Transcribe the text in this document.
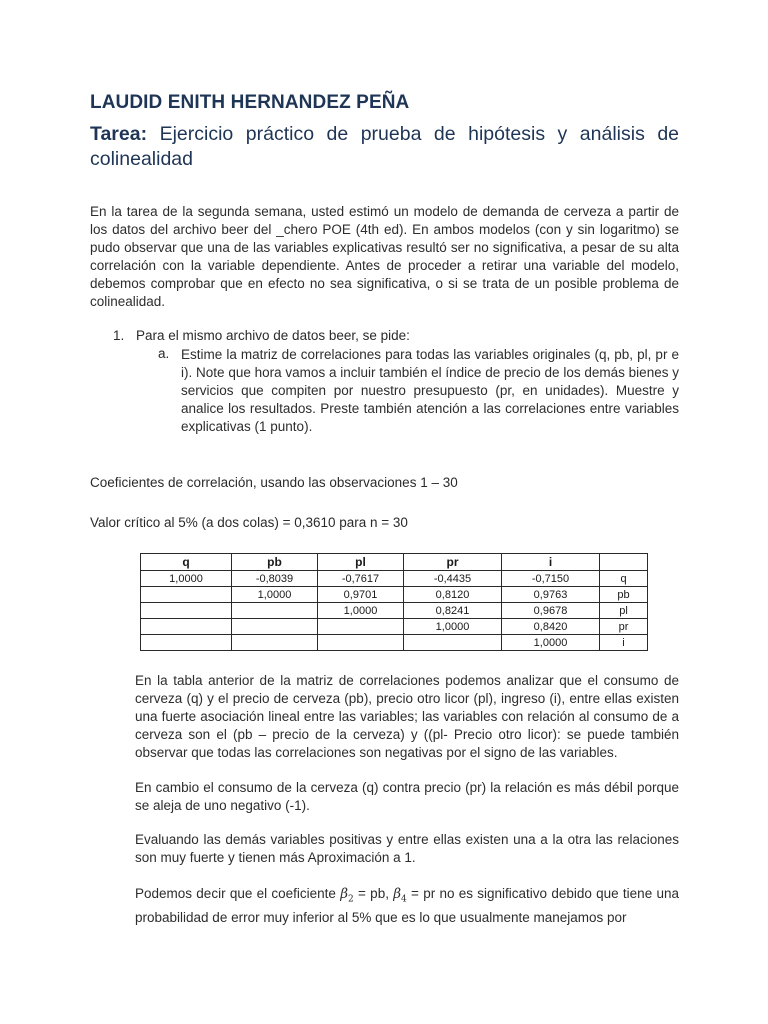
LAUDID ENITH HERNANDEZ PEÑA
Tarea: Ejercicio práctico de prueba de hipótesis y análisis de colinealidad
En la tarea de la segunda semana, usted estimó un modelo de demanda de cerveza a partir de los datos del archivo beer del _chero POE (4th ed). En ambos modelos (con y sin logaritmo) se pudo observar que una de las variables explicativas resultó ser no significativa, a pesar de su alta correlación con la variable dependiente. Antes de proceder a retirar una variable del modelo, debemos comprobar que en efecto no sea significativa, o si se trata de un posible problema de colinealidad.
1. Para el mismo archivo de datos beer, se pide:
a. Estime la matriz de correlaciones para todas las variables originales (q, pb, pl, pr e i). Note que hora vamos a incluir también el índice de precio de los demás bienes y servicios que compiten por nuestro presupuesto (pr, en unidades). Muestre y analice los resultados. Preste también atención a las correlaciones entre variables explicativas (1 punto).
Coeficientes de correlación, usando las observaciones 1 – 30
Valor crítico al 5% (a dos colas) = 0,3610 para n = 30
q	pb	pl	pr	i	
1,0000	-0,8039	-0,7617	-0,4435	-0,7150	q
	1,0000	0,9701	0,8120	0,9763	pb
		1,0000	0,8241	0,9678	pl
			1,0000	0,8420	pr
				1,0000	i
En la tabla anterior de la matriz de correlaciones podemos analizar que el consumo de cerveza (q) y el precio de cerveza (pb), precio otro licor (pl), ingreso (i), entre ellas existen una fuerte asociación lineal entre las variables; las variables con relación al consumo de a cerveza son el (pb – precio de la cerveza) y ((pl- Precio otro licor): se puede también observar que todas las correlaciones son negativas por el signo de las variables.
En cambio el consumo de la cerveza (q) contra precio (pr) la relación es más débil porque se aleja de uno negativo (-1).
Evaluando las demás variables positivas y entre ellas existen una a la otra las relaciones son muy fuerte y tienen más Aproximación a 1.
Podemos decir que el coeficiente $\beta_2$ = pb, $\beta_4$ = pr no es significativo debido que tiene una probabilidad de error muy inferior al 5% que es lo que usualmente manejamos por
